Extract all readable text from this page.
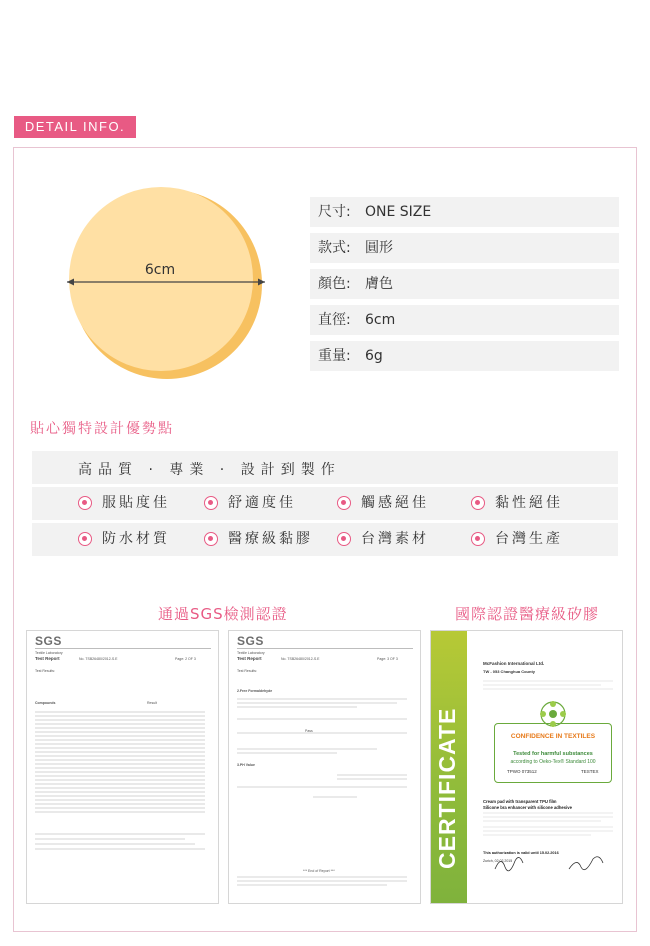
DETAIL INFO.
6cm
尺寸: ONE SIZE
款式: 圓形
顏色: 膚色
直徑: 6cm
重量: 6g
貼心獨特設計優勢點
高品質 · 專業 · 設計到製作
服貼度佳	舒適度佳	觸感絕佳	黏性絕佳
防水材質	醫療級黏膠	台灣素材	台灣生產
通過SGS檢測認證	國際認證醫療級矽膠
SGS
Textile Laboratory
Test Report	No. TSB26480/2012-S.E	Page: 2 OF 3
Test Results:
Compounds	Result
SGS
Textile Laboratory
Test Report	No. TSB26480/2012-S.E	Page: 3 OF 3
Test Results:
2.Free Formaldehyde
Pass
3.PH Value
*** End of Report ***
CERTIFICATE
McFashion International Ltd.
TW - 053 Changhua County
CONFIDENCE IN TEXTILES
Tested for harmful substances
according to Oeko-Tex® Standard 100
TPWO 073512	TESTEX
Cream pad with transparent TPU film
Silicone bra enhancer with silicone adhesive
This authorization is valid until 15.02.2016
Zurich, 02.02.2015
